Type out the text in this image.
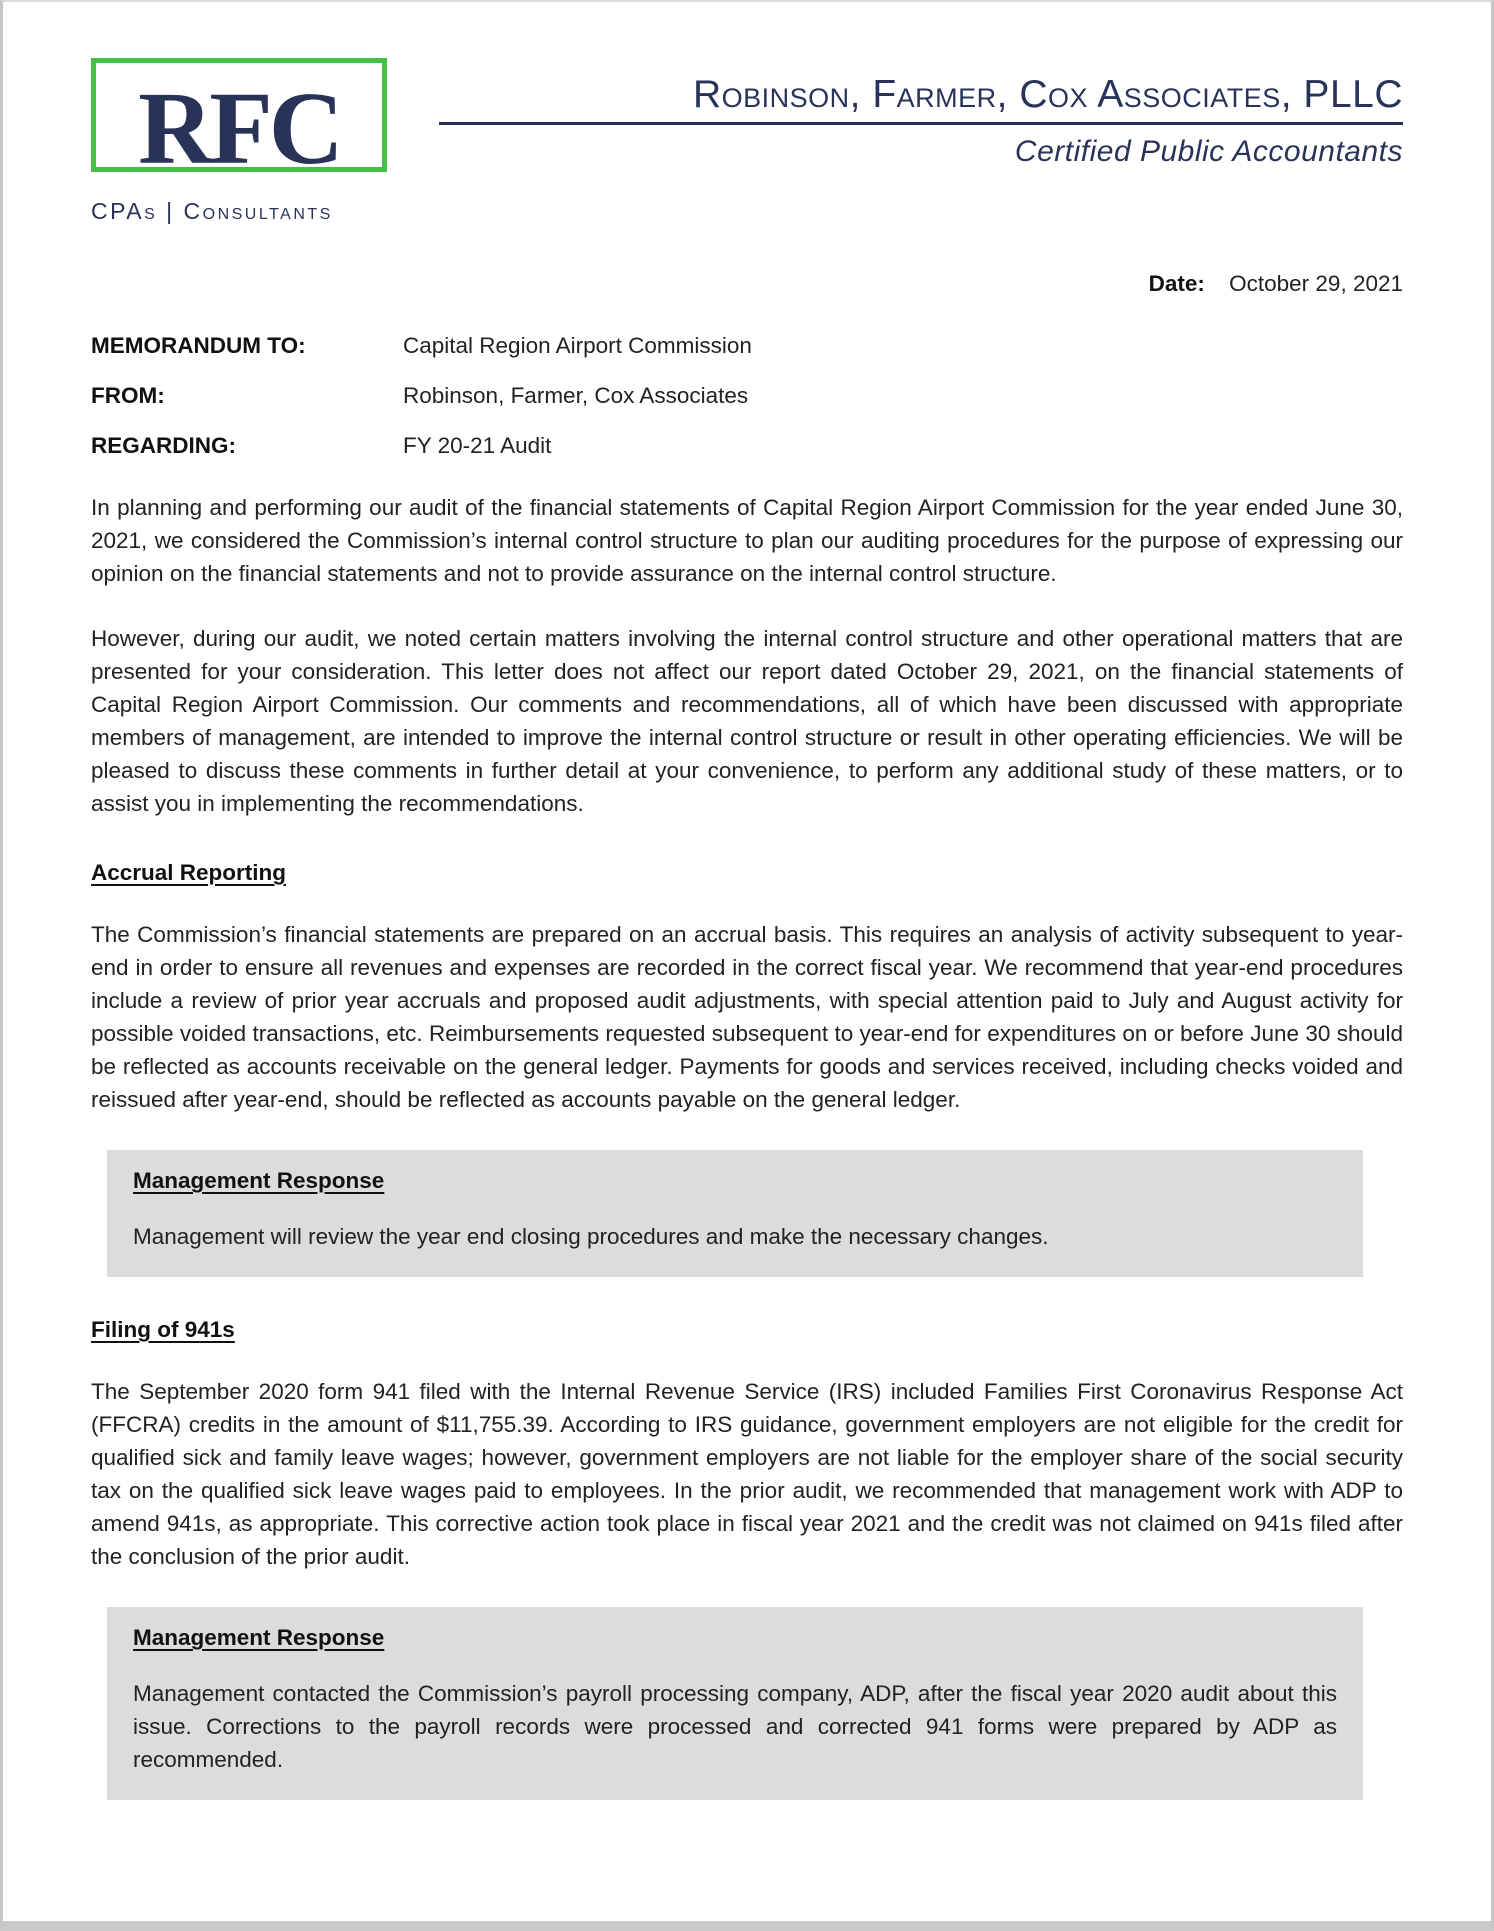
RFC
CPAs | Consultants
Robinson, Farmer, Cox Associates, PLLC
Certified Public Accountants
Date: October 29, 2021
MEMORANDUM TO:	Capital Region Airport Commission
FROM:	Robinson, Farmer, Cox Associates
REGARDING:	FY 20-21 Audit

In planning and performing our audit of the financial statements of Capital Region Airport Commission for the year ended June 30, 2021, we considered the Commission’s internal control structure to plan our auditing procedures for the purpose of expressing our opinion on the financial statements and not to provide assurance on the internal control structure.

However, during our audit, we noted certain matters involving the internal control structure and other operational matters that are presented for your consideration. This letter does not affect our report dated October 29, 2021, on the financial statements of Capital Region Airport Commission. Our comments and recommendations, all of which have been discussed with appropriate members of management, are intended to improve the internal control structure or result in other operating efficiencies. We will be pleased to discuss these comments in further detail at your convenience, to perform any additional study of these matters, or to assist you in implementing the recommendations.

Accrual Reporting

The Commission’s financial statements are prepared on an accrual basis. This requires an analysis of activity subsequent to year-end in order to ensure all revenues and expenses are recorded in the correct fiscal year. We recommend that year-end procedures include a review of prior year accruals and proposed audit adjustments, with special attention paid to July and August activity for possible voided transactions, etc. Reimbursements requested subsequent to year-end for expenditures on or before June 30 should be reflected as accounts receivable on the general ledger. Payments for goods and services received, including checks voided and reissued after year-end, should be reflected as accounts payable on the general ledger.

Management Response

Management will review the year end closing procedures and make the necessary changes.

Filing of 941s

The September 2020 form 941 filed with the Internal Revenue Service (IRS) included Families First Coronavirus Response Act (FFCRA) credits in the amount of $11,755.39. According to IRS guidance, government employers are not eligible for the credit for qualified sick and family leave wages; however, government employers are not liable for the employer share of the social security tax on the qualified sick leave wages paid to employees. In the prior audit, we recommended that management work with ADP to amend 941s, as appropriate. This corrective action took place in fiscal year 2021 and the credit was not claimed on 941s filed after the conclusion of the prior audit.

Management Response

Management contacted the Commission’s payroll processing company, ADP, after the fiscal year 2020 audit about this issue. Corrections to the payroll records were processed and corrected 941 forms were prepared by ADP as recommended.
